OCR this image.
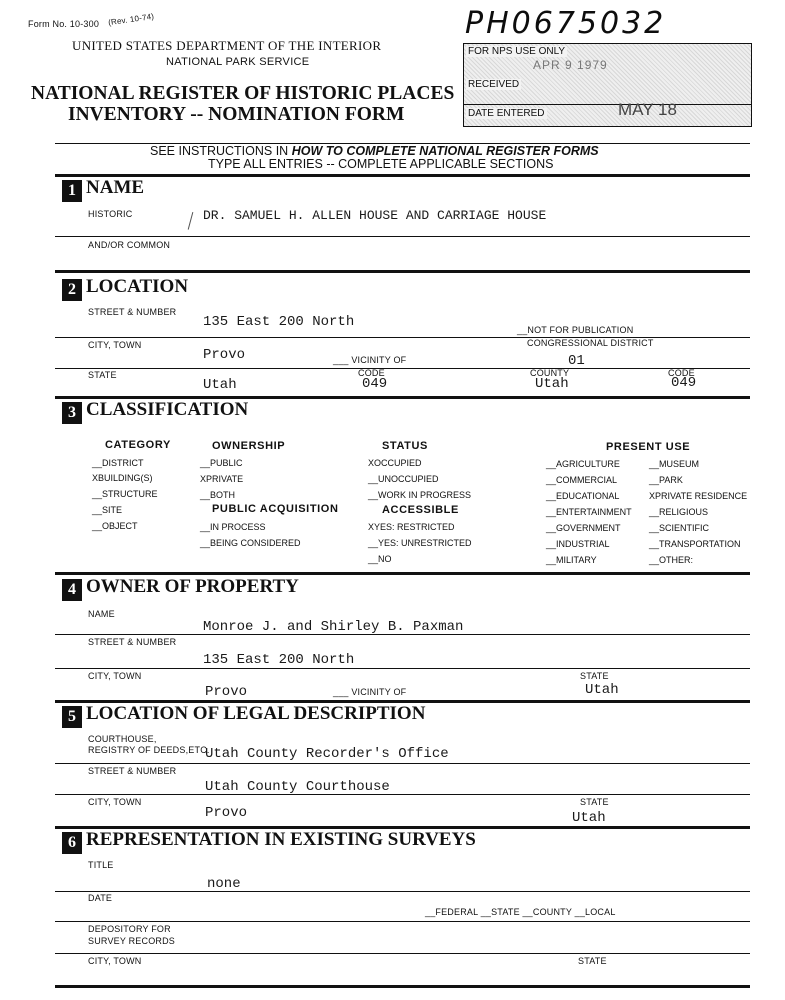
Form No. 10-300 (Rev. 10-74)
UNITED STATES DEPARTMENT OF THE INTERIOR
NATIONAL PARK SERVICE
NATIONAL REGISTER OF HISTORIC PLACES
INVENTORY -- NOMINATION FORM
PH0675032
FOR NPS USE ONLY
RECEIVED
APR 9 1979
DATE ENTERED	MAY 18
SEE INSTRUCTIONS IN HOW TO COMPLETE NATIONAL REGISTER FORMS
TYPE ALL ENTRIES -- COMPLETE APPLICABLE SECTIONS
1 NAME
HISTORIC	DR. SAMUEL H. ALLEN HOUSE AND CARRIAGE HOUSE
AND/OR COMMON
2 LOCATION
STREET & NUMBER
135 East 200 North	__NOT FOR PUBLICATION
CITY, TOWN	CONGRESSIONAL DISTRICT
Provo	___ VICINITY OF	01
STATE	CODE	COUNTY	CODE
Utah	049	Utah	049
3 CLASSIFICATION
CATEGORY
__DISTRICT
XBUILDING(S)
__STRUCTURE
__SITE
__OBJECT
OWNERSHIP
__PUBLIC
XPRIVATE
__BOTH
PUBLIC ACQUISITION
__IN PROCESS
__BEING CONSIDERED
STATUS
XOCCUPIED
__UNOCCUPIED
__WORK IN PROGRESS
ACCESSIBLE
XYES: RESTRICTED
__YES: UNRESTRICTED
__NO
PRESENT USE
__AGRICULTURE
__COMMERCIAL
__EDUCATIONAL
__ENTERTAINMENT
__GOVERNMENT
__INDUSTRIAL
__MILITARY
__MUSEUM
__PARK
XPRIVATE RESIDENCE
__RELIGIOUS
__SCIENTIFIC
__TRANSPORTATION
__OTHER:
4 OWNER OF PROPERTY
NAME
Monroe J. and Shirley B. Paxman
STREET & NUMBER
135 East 200 North
CITY, TOWN	STATE
Provo	___ VICINITY OF	Utah
5 LOCATION OF LEGAL DESCRIPTION
COURTHOUSE,
REGISTRY OF DEEDS,ETC.
Utah County Recorder's Office
STREET & NUMBER
Utah County Courthouse
CITY, TOWN	STATE
Provo	Utah
6 REPRESENTATION IN EXISTING SURVEYS
TITLE
none
DATE
__FEDERAL __STATE __COUNTY __LOCAL
DEPOSITORY FOR
SURVEY RECORDS
CITY, TOWN	STATE
